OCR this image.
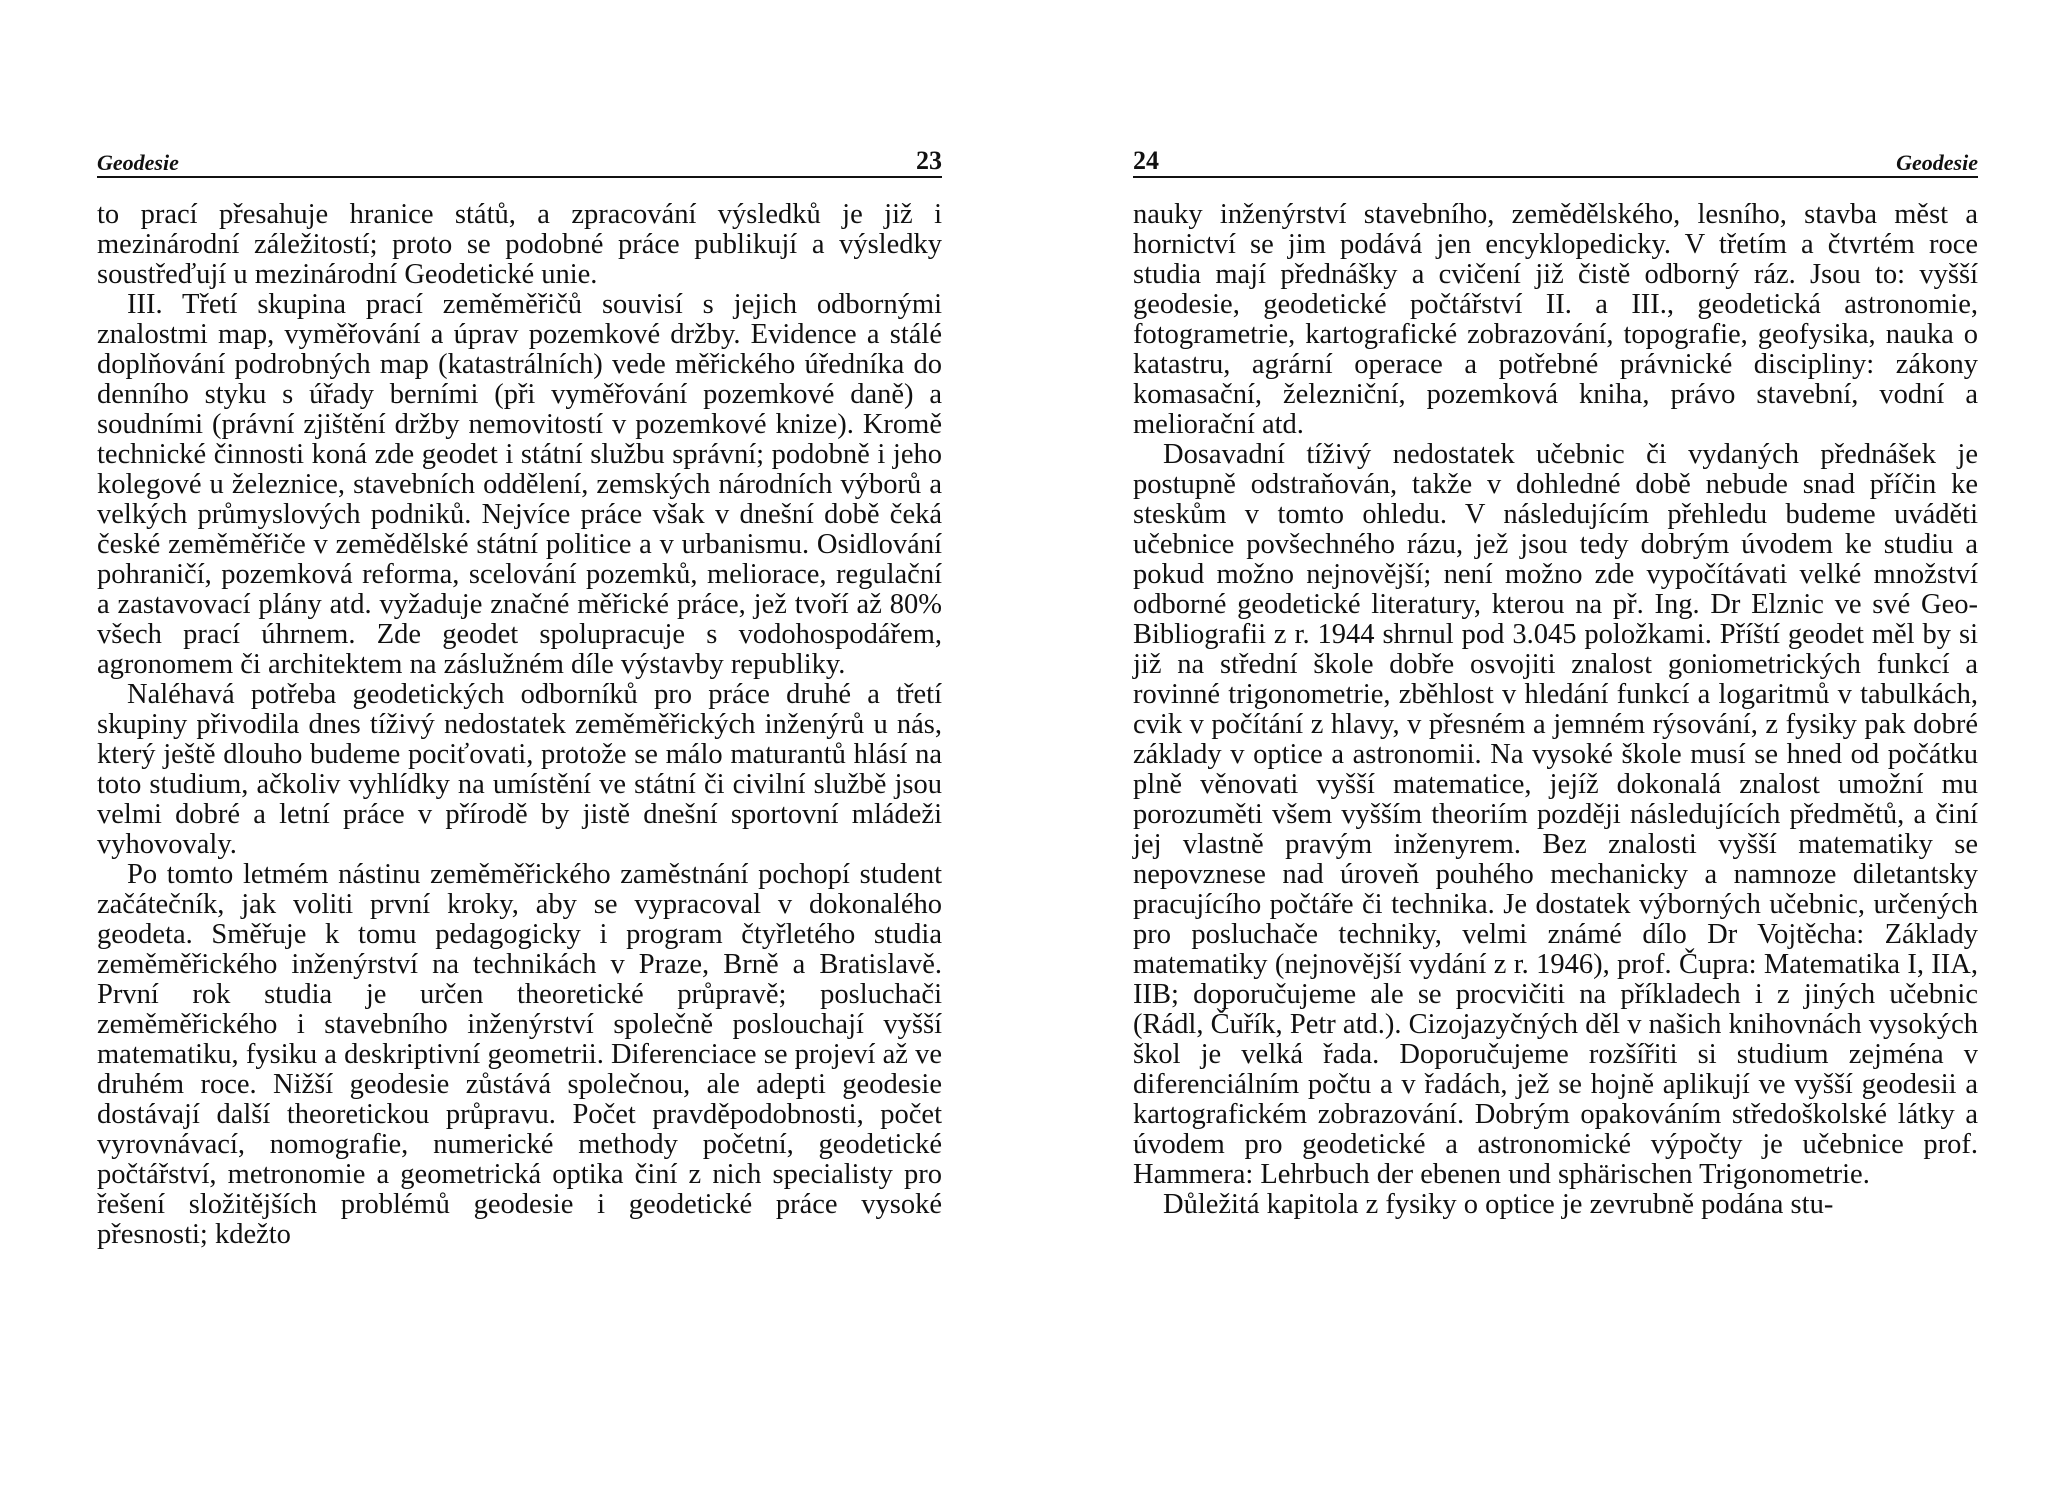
Geodesie	23

to prací přesahuje hranice států, a zpracování výsledků je již i mezinárodní záležitostí; proto se podobné práce publikují a výsledky soustřeďují u mezinárodní Geodetické unie.

III. Třetí skupina prací zeměměřičů souvisí s jejich odbornými znalostmi map, vyměřování a úprav pozemkové držby. Evidence a stálé doplňování podrobných map (katastrálních) vede měřického úředníka do denního styku s úřady berními (při vyměřování pozemkové daně) a soudními (právní zjištění držby nemovitostí v pozemkové knize). Kromě technické činnosti koná zde geodet i státní službu správní; podobně i jeho kolegové u železnice, stavebních oddělení, zemských národních výborů a velkých průmyslových podniků. Nejvíce práce však v dnešní době čeká české zeměměřiče v zemědělské státní politice a v urbanismu. Osidlování pohraničí, pozemková reforma, scelování pozemků, meliorace, regulační a zastavovací plány atd. vyžaduje značné měřické práce, jež tvoří až 80% všech prací úhrnem. Zde geodet spolupracuje s vodohospodářem, agronomem či architektem na záslužném díle výstavby republiky.

Naléhavá potřeba geodetických odborníků pro práce druhé a třetí skupiny přivodila dnes tíživý nedostatek zeměměřických inženýrů u nás, který ještě dlouho budeme pociťovati, protože se málo maturantů hlásí na toto studium, ačkoliv vyhlídky na umístění ve státní či civilní službě jsou velmi dobré a letní práce v přírodě by jistě dnešní sportovní mládeži vyhovovaly.

Po tomto letmém nástinu zeměměřického zaměstnání pochopí student začátečník, jak voliti první kroky, aby se vypracoval v dokonalého geodeta. Směřuje k tomu pedagogicky i program čtyřletého studia zeměměřického inženýrství na technikách v Praze, Brně a Bratislavě. První rok studia je určen theoretické průpravě; posluchači zeměměřického i stavebního inženýrství společně poslouchají vyšší matematiku, fysiku a deskriptivní geometrii. Diferenciace se projeví až ve druhém roce. Nižší geodesie zůstává společnou, ale adepti geodesie dostávají další theoretickou průpravu. Počet pravděpodobnosti, počet vyrovnávací, nomografie, numerické methody početní, geodetické počtářství, metronomie a geometrická optika činí z nich specialisty pro řešení složitějších problémů geodesie i geodetické práce vysoké přesnosti; kdežto

24	Geodesie

nauky inženýrství stavebního, zemědělského, lesního, stavba měst a hornictví se jim podává jen encyklopedicky. V třetím a čtvrtém roce studia mají přednášky a cvičení již čistě odborný ráz. Jsou to: vyšší geodesie, geodetické počtářství II. a III., geodetická astronomie, fotogrametrie, kartografické zobrazování, topografie, geofysika, nauka o katastru, agrární operace a potřebné právnické discipliny: zákony komasační, železniční, pozemková kniha, právo stavební, vodní a meliorační atd.

Dosavadní tíživý nedostatek učebnic či vydaných přednášek je postupně odstraňován, takže v dohledné době nebude snad příčin ke steskům v tomto ohledu. V následujícím přehledu budeme uváděti učebnice povšechného rázu, jež jsou tedy dobrým úvodem ke studiu a pokud možno nejnovější; není možno zde vypočítávati velké množství odborné geodetické literatury, kterou na př. Ing. Dr Elznic ve své Geo-Bibliografii z r. 1944 shrnul pod 3.045 položkami. Příští geodet měl by si již na střední škole dobře osvojiti znalost goniometrických funkcí a rovinné trigonometrie, zběhlost v hledání funkcí a logaritmů v tabulkách, cvik v počítání z hlavy, v přesném a jemném rýsování, z fysiky pak dobré základy v optice a astronomii. Na vysoké škole musí se hned od počátku plně věnovati vyšší matematice, jejíž dokonalá znalost umožní mu porozuměti všem vyšším theoriím později následujících předmětů, a činí jej vlastně pravým inženyrem. Bez znalosti vyšší matematiky se nepovznese nad úroveň pouhého mechanicky a namnoze diletantsky pracujícího počtáře či technika. Je dostatek výborných učebnic, určených pro posluchače techniky, velmi známé dílo Dr Vojtěcha: Základy matematiky (nejnovější vydání z r. 1946), prof. Čupra: Matematika I, IIA, IIB; doporučujeme ale se procvičiti na příkladech i z jiných učebnic (Rádl, Čuřík, Petr atd.). Cizojazyčných děl v našich knihovnách vysokých škol je velká řada. Doporučujeme rozšířiti si studium zejména v diferenciálním počtu a v řadách, jež se hojně aplikují ve vyšší geodesii a kartografickém zobrazování. Dobrým opakováním středoškolské látky a úvodem pro geodetické a astronomické výpočty je učebnice prof. Hammera: Lehrbuch der ebenen und sphärischen Trigonometrie.

Důležitá kapitola z fysiky o optice je zevrubně podána stu-
